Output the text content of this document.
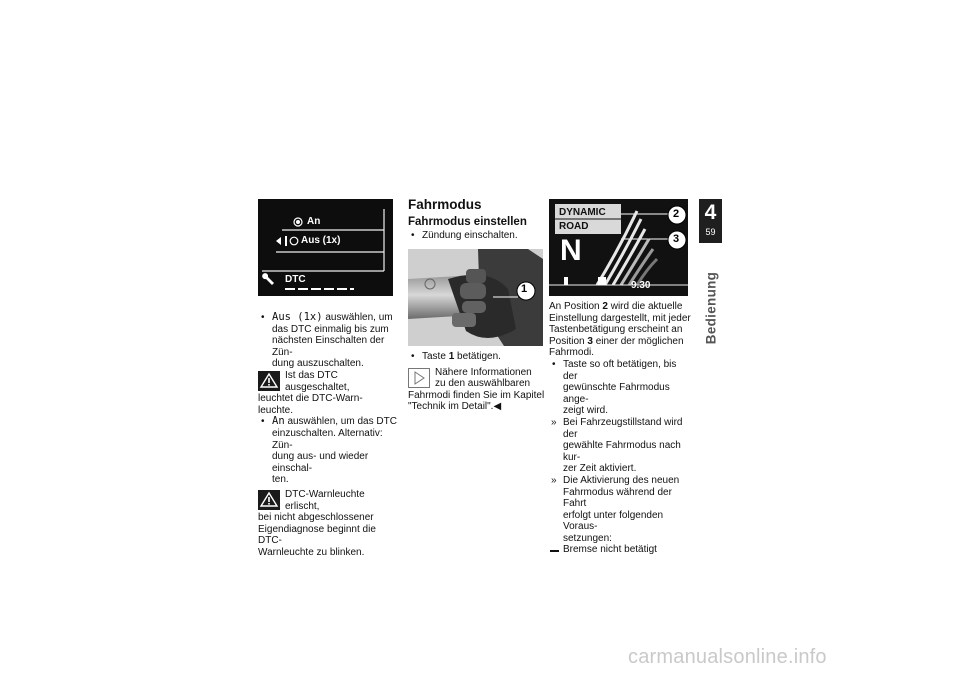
An
Aus (1x)
DTC

• Aus (1x) auswählen, um
das DTC einmalig bis zum
nächsten Einschalten der Zün-
dung auszuschalten.

Ist das DTC ausgeschaltet,
leuchtet die DTC-Warn-
leuchte.

• An auswählen, um das DTC
einzuschalten. Alternativ: Zün-
dung aus- und wieder einschal-
ten.

DTC-Warnleuchte erlischt,
bei nicht abgeschlossener
Eigendiagnose beginnt die DTC-
Warnleuchte zu blinken.
Fahrmodus
Fahrmodus einstellen

• Zündung einschalten.

1

• Taste 1 betätigen.

Nähere Informationen
zu den auswählbaren
Fahrmodi finden Sie im Kapitel
"Technik im Detail".◀
DYNAMIC
ROAD
N
2
3
9.30

An Position 2 wird die aktuelle
Einstellung dargestellt, mit jeder
Tastenbetätigung erscheint an
Position 3 einer der möglichen
Fahrmodi.

• Taste so oft betätigen, bis der
gewünschte Fahrmodus ange-
zeigt wird.

» Bei Fahrzeugstillstand wird der
gewählte Fahrmodus nach kur-
zer Zeit aktiviert.

» Die Aktivierung des neuen
Fahrmodus während der Fahrt
erfolgt unter folgenden Voraus-
setzungen:

Bremse nicht betätigt

4
59
Bedienung
carmanualsonline.info
